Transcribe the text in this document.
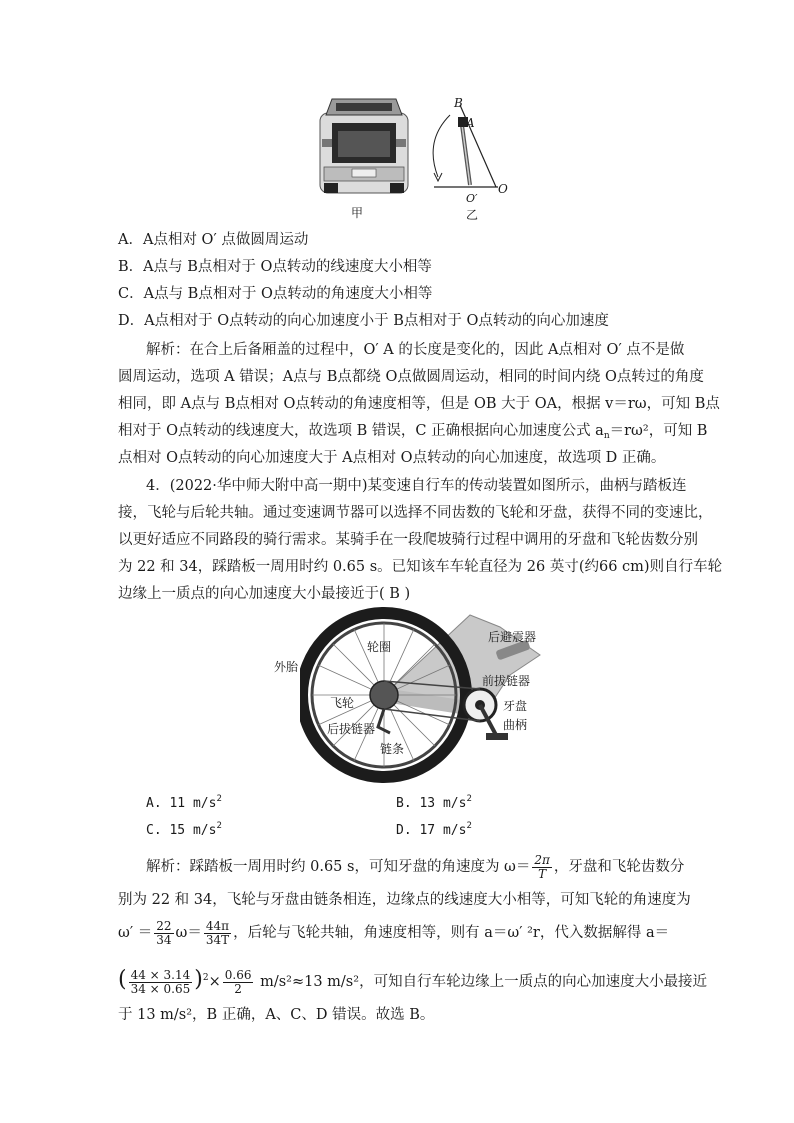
B
A
O
O′
甲	乙
A．A点相对 O′ 点做圆周运动
B．A点与 B点相对于 O点转动的线速度大小相等
C．A点与 B点相对于 O点转动的角速度大小相等
D．A点相对于 O点转动的向心加速度小于 B点相对于 O点转动的向心加速度
解析：在合上后备厢盖的过程中，O′ A 的长度是变化的，因此 A点相对 O′ 点不是做
圆周运动，选项 A 错误；A点与 B点都绕 O点做圆周运动，相同的时间内绕 O点转过的角度
相同，即 A点与 B点相对 O点转动的角速度相等，但是 OB 大于 OA，根据 v＝rω，可知 B点
相对于 O点转动的线速度大，故选项 B 错误，C 正确根据向心加速度公式 $a_n=r\omega^2$，可知 B
点相对 O点转动的向心加速度大于 A点相对 O点转动的向心加速度，故选项 D 正确。
4．(2022·华中师大附中高一期中)某变速自行车的传动装置如图所示，曲柄与踏板连
接，飞轮与后轮共轴。通过变速调节器可以选择不同齿数的飞轮和牙盘，获得不同的变速比，
以更好适应不同路段的骑行需求。某骑手在一段爬坡骑行过程中调用的牙盘和飞轮齿数分别
为 22 和 34，踩踏板一周用时约 0.65 s。已知该车车轮直径为 26 英寸(约66 cm)则自行车轮
边缘上一质点的向心加速度大小最接近于( B )
外胎
轮圈
后避震器
前拔链器
飞轮	牙盘
曲柄
后拔链器
链条
A. 11 $m/s^2$	B. 13 $m/s^2$
C. 15 $m/s^2$	D. 17 $m/s^2$
解析：踩踏板一周用时约 0.65 s，可知牙盘的角速度为 $\omega= \frac{2\pi}{T}$ ，牙盘和飞轮齿数分
别为 22 和 34，飞轮与牙盘由链条相连，边缘点的线速度大小相等，可知飞轮的角速度为
$\omega' = \frac{22}{34} \omega= \frac{44\pi}{34T}$ ，后轮与飞轮共轴，角速度相等，则有 a＝ω′ ²r，代入数据解得 a＝
( $\frac{44 \times 3.14}{34 \times 0.65} )^2\times \frac{0.66}{2} m/s^2\approx 13$ m/s²，可知自行车轮边缘上一质点的向心加速度大小最接近
于 13 m/s²，B 正确，A、C、D 错误。故选 B。
